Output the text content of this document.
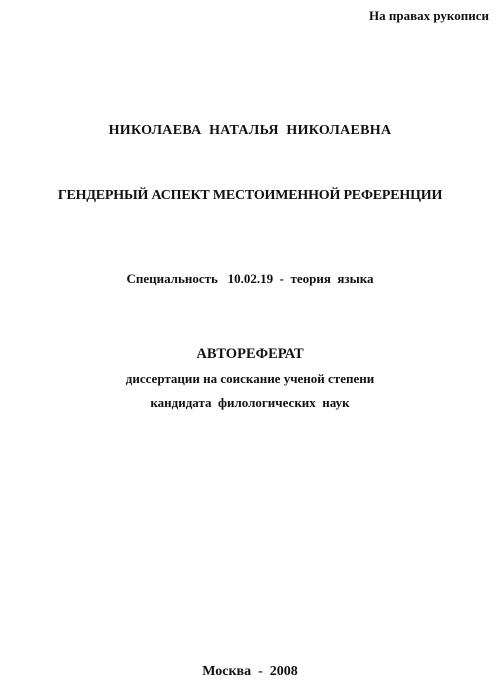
На правах рукописи
НИКОЛАЕВА  НАТАЛЬЯ  НИКОЛАЕВНА
ГЕНДЕРНЫЙ АСПЕКТ МЕСТОИМЕННОЙ РЕФЕРЕНЦИИ
Специальность   10.02.19  -  теория  языка
АВТОРЕФЕРАТ
диссертации на соискание ученой степени
кандидата  филологических  наук
Москва  -  2008
